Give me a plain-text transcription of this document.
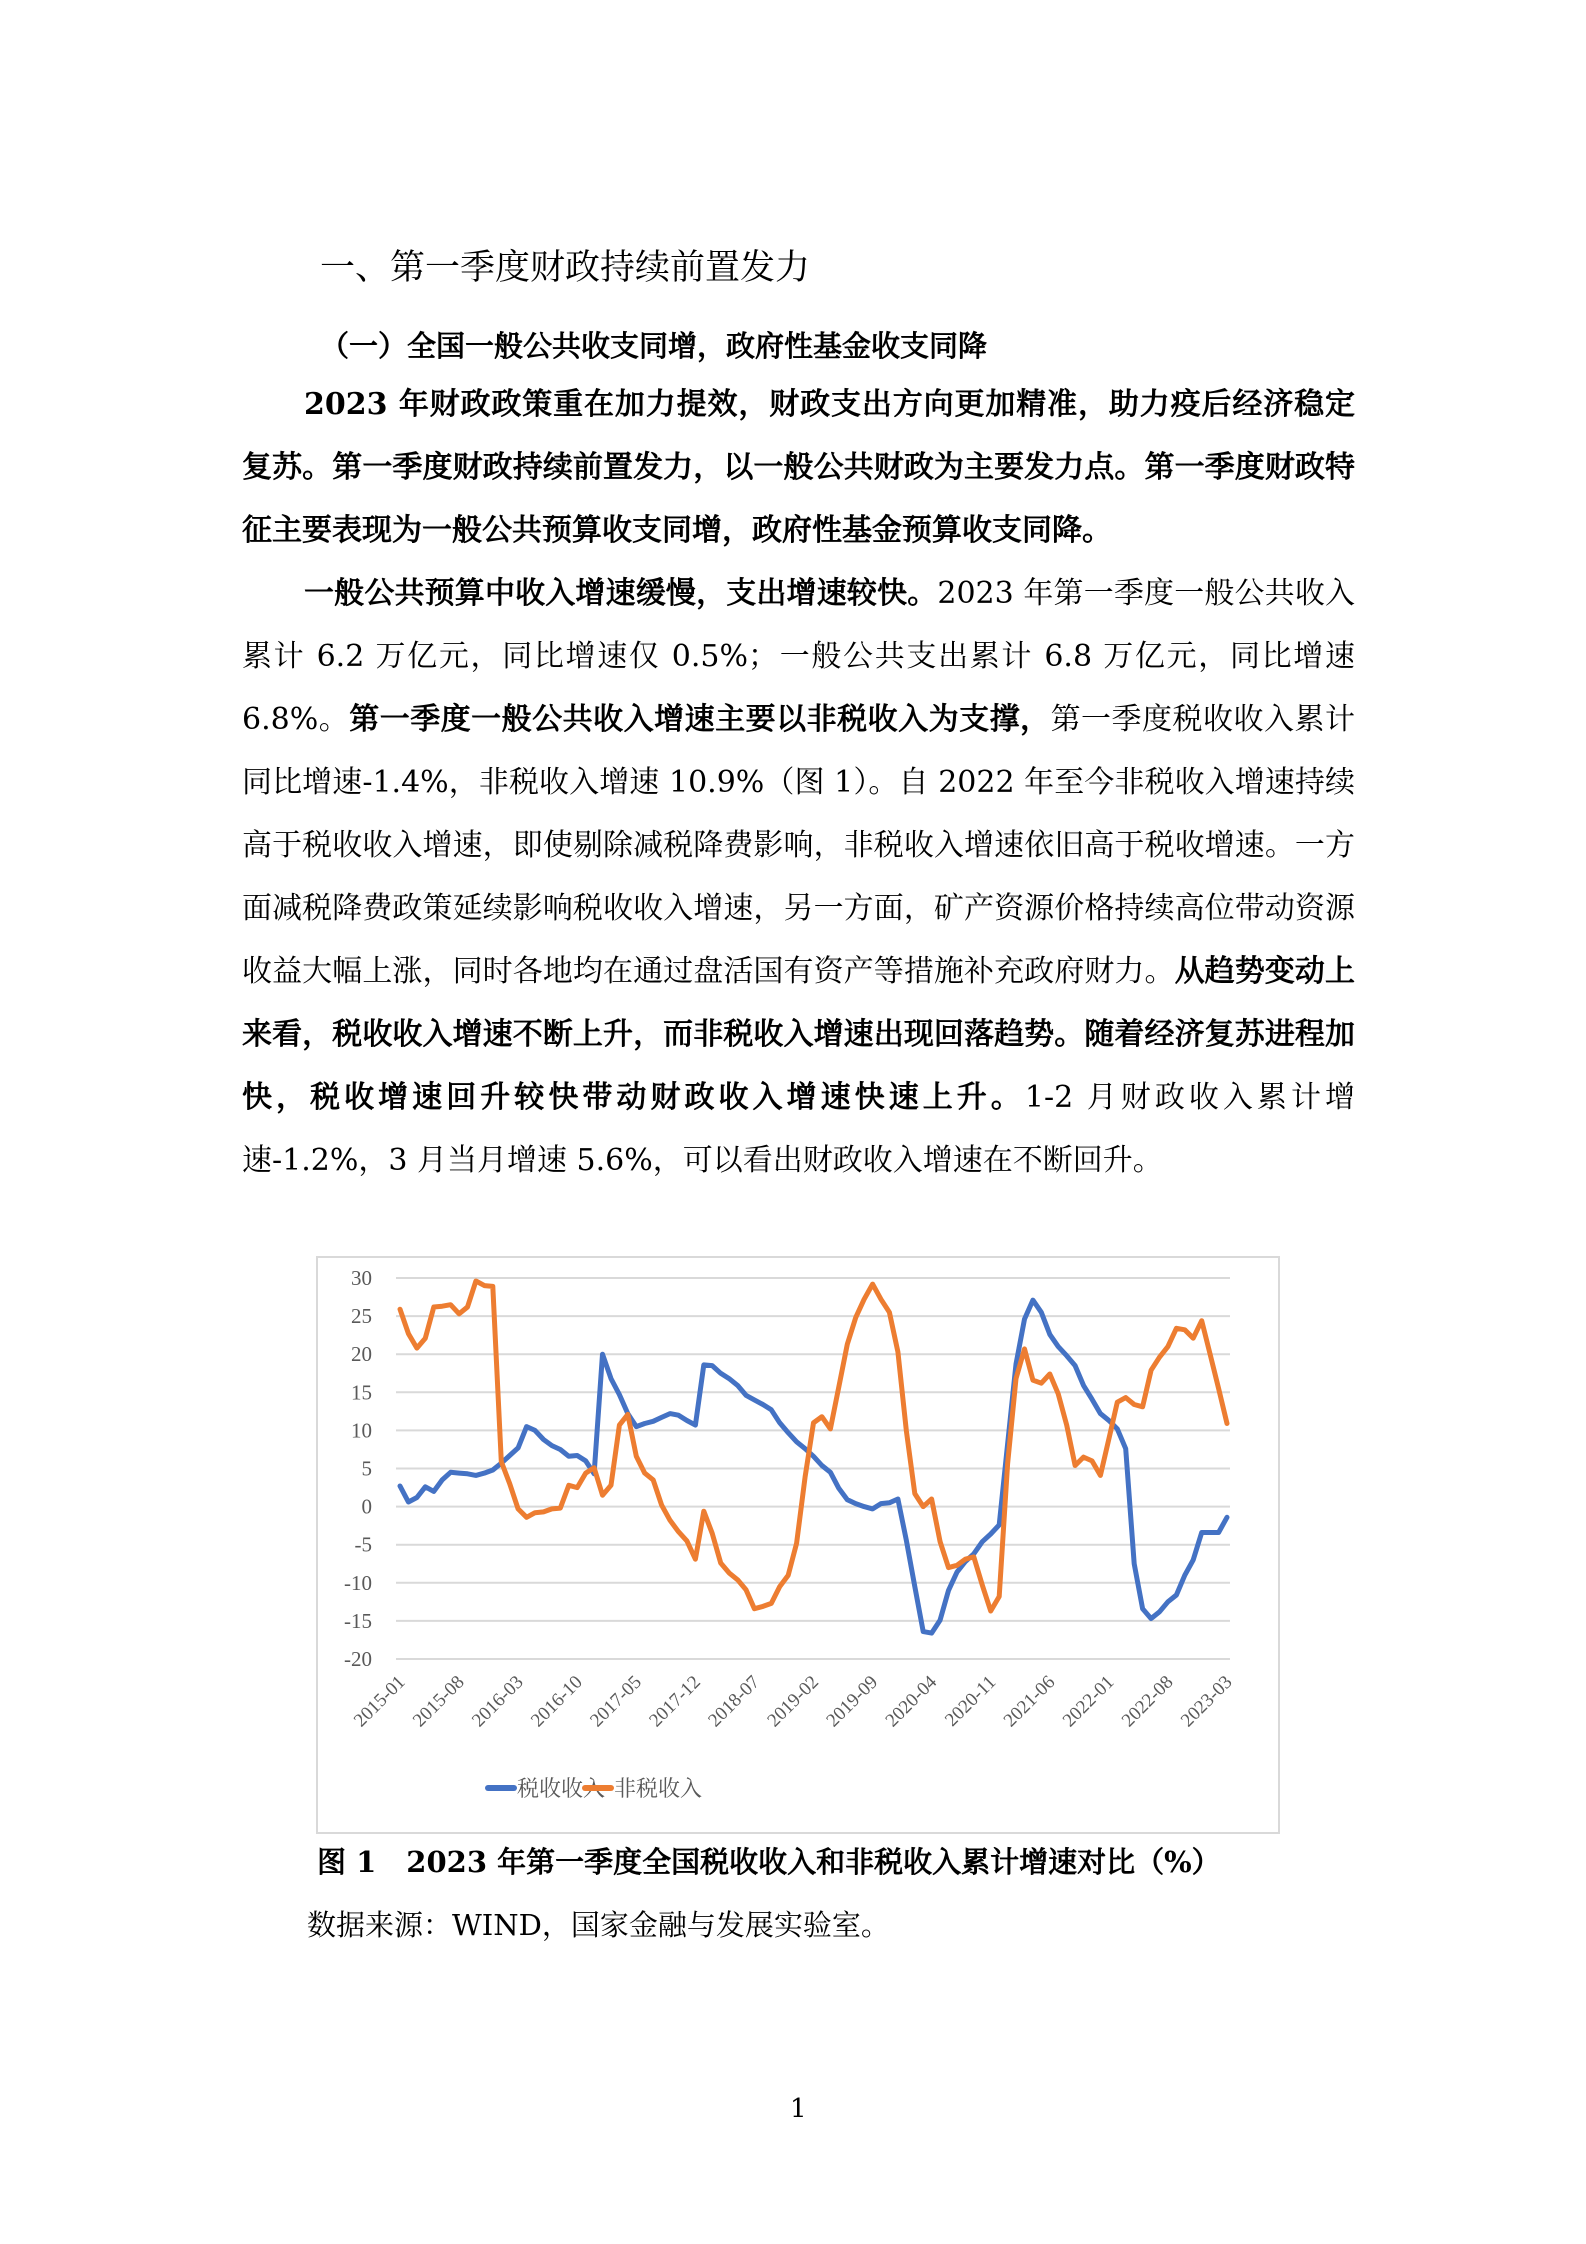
一、第一季度财政持续前置发力
（一）全国一般公共收支同增，政府性基金收支同降

2023 年财政政策重在加力提效，财政支出方向更加精准，助力疫后经济稳定复苏。第一季度财政持续前置发力，以一般公共财政为主要发力点。第一季度财政特征主要表现为一般公共预算收支同增，政府性基金预算收支同降。

一般公共预算中收入增速缓慢，支出增速较快。2023 年第一季度一般公共收入累计 6.2 万亿元，同比增速仅 0.5%；一般公共支出累计 6.8 万亿元，同比增速 6.8%。第一季度一般公共收入增速主要以非税收入为支撑，第一季度税收收入累计同比增速-1.4%，非税收入增速 10.9%（图 1）。自 2022 年至今非税收入增速持续高于税收收入增速，即使剔除减税降费影响，非税收入增速依旧高于税收增速。一方面减税降费政策延续影响税收收入增速，另一方面，矿产资源价格持续高位带动资源收益大幅上涨，同时各地均在通过盘活国有资产等措施补充政府财力。从趋势变动上来看，税收收入增速不断上升，而非税收入增速出现回落趋势。随着经济复苏进程加快，税收增速回升较快带动财政收入增速快速上升。1-2 月财政收入累计增速-1.2%，3 月当月增速 5.6%，可以看出财政收入增速在不断回升。

30
25
20
15
10
5
0
-5
-10
-15
-20
2015-01 2015-08 2016-03 2016-10 2017-05 2017-12 2018-07 2019-02 2019-09 2020-04 2020-11 2021-06 2022-01 2022-08 2023-03
税收收入 非税收入
图 1 2023 年第一季度全国税收收入和非税收入累计增速对比（%）
数据来源：WIND，国家金融与发展实验室。
1
